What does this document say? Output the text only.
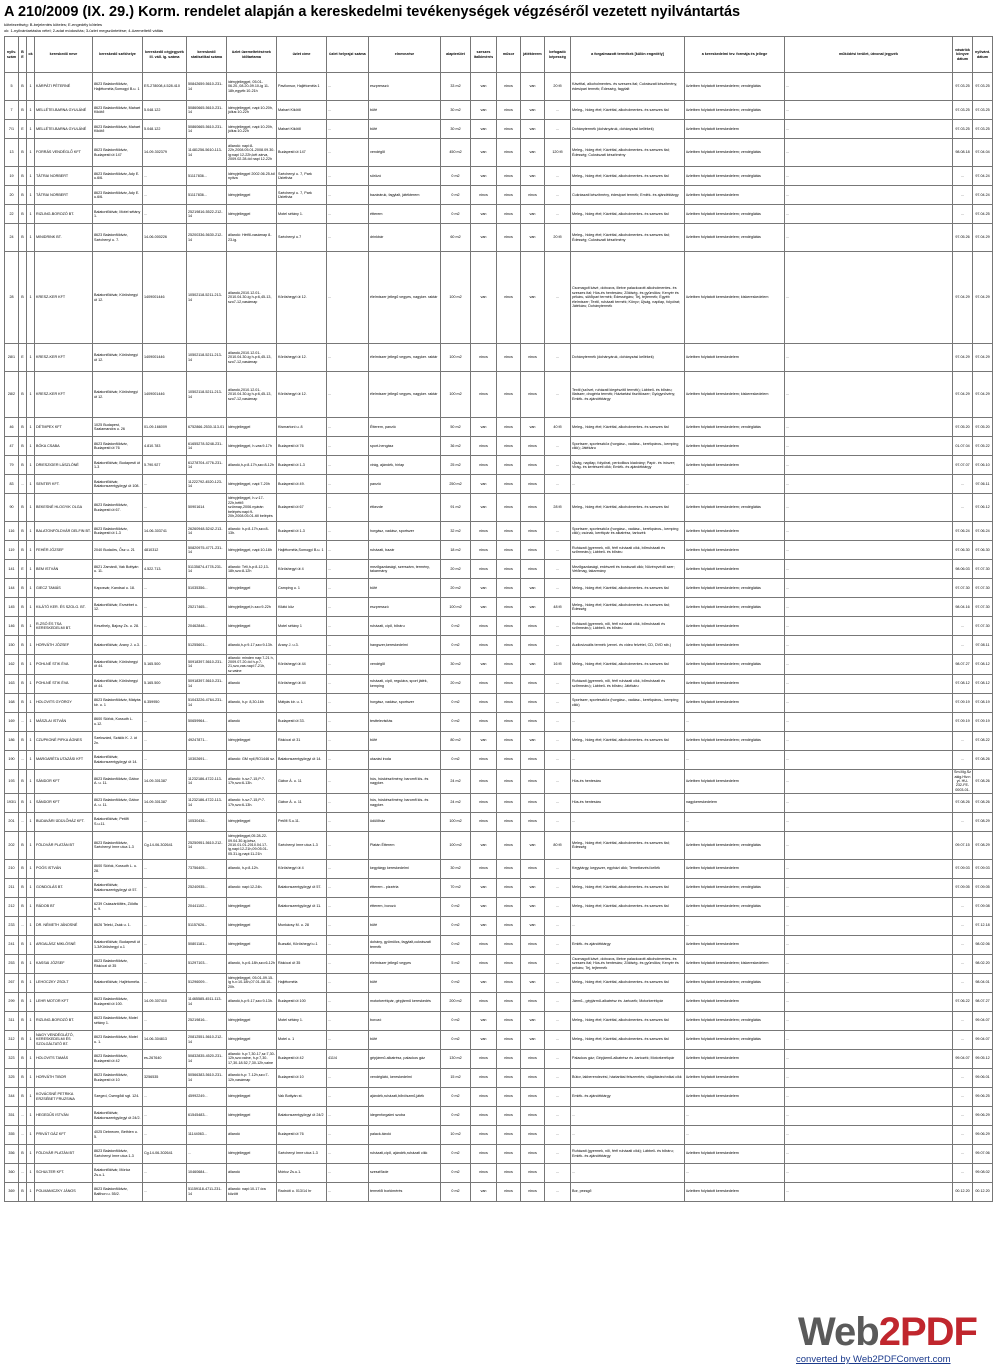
A 210/2009 (IX. 29.) Korm. rendelet alapján a kereskedelmi tevékenységek végzéséről vezetett nyilvántartás
kötelezettség: B-bejelentés köteles; E-engedély köteles
ok: 1-nyilvántartásba vétel; 2-adat módosítás; 3-üzlet megszüntetése; 4-üzemeltető váltás
nyilv. szám	B E	ok	kereskedő neve	kereskedő székhelye	kereskedő cégjegyzék ill. váll. ig. száma	kereskedő statisztikai száma	üzlet üzemeltetésének időtartama	üzlet címe	üzlet helyrajzi száma	elnevezése	alapterület	szeszes italkimérés	műsor	játékterem	befogadó képesség	a forgalmazott termékek [külön engedély]	a kereskedelmi tev. formája és jellege	működési terület, útvonal jegyzék	vásárlók könyve dátum	nyilvánt. dátum
5	B	1	KÁRPÁTI PÉTERNÉ	8623 Balatonföldvár, Hajlétoméla,Somogyi B.u. 1	ES-278008,4.528.410	50842659-5610-231-14	idényjelleggel, 05.01-06.20.,08.20-09.10-ig 11-18h,egyéb:10-21h	Pavilonsor, Hajlétoméla 1	...	eszpresszó	33 m2	van	nincs	van	20 fő	Kávéital, alkoholmentes- és szeszes ital; Cukrászati készítmény, édesipari termék; Édesség, fagylalt	üzletben folytatott kereskedelem; vendéglátás	...	97.03.25	97.03.25
7	B	1	MELLÉTEI-BARNA GYULÁNÉ	8623 Balatonföldvár, Mahart Kikötő	5.048.122	50860665-5610-231-14	idényjelleggel, napi:10-20h, július:10-22h	Mahart Kikötő	...	büfé	30 m2	van	nincs	van	...	Meleg-, hideg étel; Kávéital, alkoholmentes- és szeszes ital	üzletben folytatott kereskedelem; vendéglátás	...	97.03.25	97.03.25
7/1	E	1	MELLÉTEI-BARNA GYULÁNÉ	8623 Balatonföldvár, Mahart Kikötő	5.048.122	50860665-5610-231-14	idényjelleggel, napi:10-20h, július:10-22h	Mahart Kikötő	...	büfé	30 m2	van	nincs	van	...	Dohánytermék (dohányáruk, dohányzási kellékek)	üzletben folytatott kereskedelem	...	97.03.25	97.03.25
13	B	1	FORRÁS VENDÉGLŐ KFT	8623 Balatonföldvár, Budapesti út 147	14-09-302379	11481256-5610-113-14	állandó: napi:8-22h,2008.05.01-2008.09.30-ig:napi 12-22h,két zárva, 2009.02.28-tól napi 12-22h	Budapesti út 147	...	vendéglő	450 m2	van	nincs	van	120 fő	Meleg-, hideg étel; Kávéital, alkoholmentes- és szeszes ital; Édesség; Cukrászati készítmény	üzletben folytatott kereskedelem; vendéglátás	...	98.08.18	97.04.04
19	B	1	TÁTRAI NORBERT	8623 Balatonföldvár, Ady E. u.6/6.	...	51117836...	idényjelleggel 2002.06.25-tól nyitva	Széchenyi u. 7, Park Üzletház	...	sörözó	0 m2	van	nincs	van	...	Meleg-, hideg étel; Kávéital, alkoholmentes- és szeszes ital	üzletben folytatott kereskedelem; vendéglátás	...	...	97.04.24
20	B	1	TÁTRAI NORBERT	8623 Balatonföldvár, Ady E. u.6/6.	...	51117836...	idényjelleggel	Széchenyi u. 7, Park Üzletház	...	bazáráruk, fagylalt, játékterem	0 m2	nincs	nincs	nincs	...	Cukrászati készítmény, édesipari termék; Emlék- és ajándéktárgy	üzletben folytatott kereskedelem	...	...	97.04.24
22	B	1	RIZLING-BOROZÓ BT.	Balatonföldvár, Motel sétány 1.	...	25219816-5522-212-14	idényjelleggel	Motel sétány 1.	...	étterem	0 m2	van	nincs	van	...	Meleg-, hideg étel; Kávéital, alkoholmentes- és szeszes ital	üzletben folytatott kereskedelem; vendéglátás	...	...	97.04.25
24	B	1	MINIDRINK BT.	8623 Balatonföldvár, Széchenyi u. 7.	14-06-000226	25200336-5630-212-14	állandó: Hétfő-vasárnap 8-23-ig.	Széchenyi u.7	...	drinkbár	60 m2	van	nincs	van	20 fő	Meleg-, hideg étel; Kávéital, alkoholmentes- és szeszes ital; Édesség; Cukrászati készítmény	üzletben folytatott kereskedelem; vendéglátás	...	97.05.26	97.04.29
28	B	1	KRESZ-KER KFT	Balatonföldvár, Köröshegyi út 12.	1409001446	10502118-5211-213-14	állandó,2010.12.01-2010.04.30-ig h-p:6,45-13, szo7-12,vasárnap	Köröshegyi út 12.	...	élelmiszer jellegű vegyes, nagyker. raktár	100 m2	van	nincs	van	...	Csomagolt kávé, dobozos, illetve palackozott alkoholmentes- és szeszes ital; Hús-és hentesáru; Zöldség- és gyümölcs; Kenyér és pékáru, sütőipari termék; Édességáru; Tej, tejtermék; Egyéb élelmiszer; Textil, ruházati termék; Könyv; Újság, napilap, folyóirat; Játékáru; Dohánytermék	üzletben folytatott kereskedelem; kiskereskedelem	...	97.04.29	97.04.29
28/1	E	1	KRESZ-KER KFT	Balatonföldvár, Köröshegyi út 12.	1409001446	10502118-5211-213-14	állandó,2010.12.01-2010.04.30-ig h-p:6,45-13, szo7-12,vasárnap	Köröshegyi út 12.	...	élelmiszer jellegű vegyes, nagyker. raktár	100 m2	nincs	nincs	nincs	...	Dohánytermék (dohányáruk, dohányzási kellékek)	üzletben folytatott kereskedelem	...	97.04.29	97.04.29
28/2	B	1	KRESZ-KER KFT	Balatonföldvár, Köröshegyi út 12.	1409001446	10502118-5211-213-14	állandó,2010.12.01-2010.04.30-ig h-p:6,45-13, szo7-12,vasárnap	Köröshegyi út 12.	...	élelmiszer jellegű vegyes, nagyker. raktár	100 m2	nincs	nincs	nincs	...	Textil (szövet, ruházati kiegészítő termék); Lábbeli- és bőráru; Illatszer, drogéria termék; Háztartási tisztítószer; Gyógynövény; Emlék- és ajándéktárgy	üzletben folytatott kereskedelem; kiskereskedelem	...	97.04.29	97.04.29
46	B	1	DÉTMPEX KFT	1025 Budapest, Szalamandra u. 26	01-09-166009	6752866-2530-113-01	idényjelleggel	Kismartoni u. 8	...	Étterem, panzió	50 m2	van	nincs	van	40 fő	Meleg-, hideg étel; Kávéital, alkoholmentes- és szeszes ital	üzletben folytatott kereskedelem; vendéglátás	...	97.05.20	97.05.20
47	B	1	BÓKA CSABA	8623 Balatonföldvár, Budapesti út 76	4.810.783	61655278-5248-231-14	idényjelleggel, h-vas:9-17h	Budapesti út 76	...	sport-hengász	36 m2	nincs	nincs	nincs	...	Sportszer, sporteszköz (horgász-, vadász-, kerékpáros-, kemping cikk); Játékáru	üzletben folytatott kereskedelem	...	01.07.04	97.05.22
79	B	1	DRIESZIGER LÁSZLÓNÉ	Balatonföldvár, Budapesti út 1-3	5.790.927	61278704-4776-231-14	állandó,h-p:8-17h,szo:8-12h	Budapesti út 1-3	...	virág, ajándék, hírlap	25 m2	nincs	nincs	nincs	...	Újság, napilap, folyóirat, periodikus kiadvány; Papír- és írószer; Virág- és kertészeti cikk; Emlék- és ajándéktárgy	üzletben folytatott kereskedelem	...	97.07.07	97.06.10
83	...	1	SENTER KFT.	Balatonföldvár, Balatonszentgyörgyi út 108.	...	11222792-4520-123-14	idényjelleggel, napi:7-20h	Budapesti út 49.	...	panzió	250 m2	van	nincs	nincs	...	...	...	...	...	97.06.11
90	B	1	BEKESNÉ HLOGYIK OLGA	8623 Balatonföldvár, Budapesti út 67.	...	50901614	idényjelleggel, h-v:17-22h,hétfő szünnap,2006.nyárán belépés:napi:9-20h,2008.05.01-től belépés	Budapesti út 67	...	étkezde	91 m2	van	nincs	nincs	28 fő	Meleg-, hideg étel; Kávéital, alkoholmentes- és szeszes ital	üzletben folytatott kereskedelem; vendéglátás	...	...	97.06.12
116	B	1	BALATONFÖLDVÁR DELFIN BT.	8623 Balatonföldvár, Budapesti út 1-3	14-06-303741	26260948-5242-213-14	állandó: h-p:8-17h,szo:8-13h.	Budapesti út 1-3	...	horgász, vadász, sportszer	32 m2	nincs	nincs	nincs	...	Sportszer, sporteszköz (horgász-, vadász-, kerékpáros-, kemping cikk); csónak, kerékpár és alkatrész, tartozék	üzletben folytatott kereskedelem	...	97.06.24	97.06.24
119	B	1	FEHÉR JÓZSEF	2040 Budaörs, Ősz u. 21	4810312	50820975-4771-231-14	idényjelleggel, napi:10-18h	Hajlétoméla,Somogyi B.u. 1	...	ruházati, bazár	18 m2	nincs	nincs	nincs	...	Ruházati (gyermek, női, férfi ruházati cikk, bőrruházati és szőrmeáru); Lábbeli- és bőráru	üzletben folytatott kereskedelem	...	97.06.30	97.06.30
141	E	1	BEM ISTVÁN	8621 Zamárdi, Vak Bottyán u. 11.	4.522.713.	51135874-4778-231-14	állandó: Téli,h-p:8-12,13-18h,szo:8-12h	Köröshegyi út 4	...	mezőgazdasági, szerszám, termény, takarmány	20 m2	nincs	nincs	nincs	...	Mezőgazdasági, erdészeti és borászati cikk; Növényvédő szer; Vetőmag, takarmány	üzletben folytatott kereskedelem	...	98.06.03	97.07.30
144	B	1	GIECZ TAMÁS	Kaposvár, Kandsai u. 18.	...	51035356...	idényjelleggel	Camping u. 1	...	büfé	20 m2	van	nincs	van	...	Meleg-, hideg étel; Kávéital, alkoholmentes- és szeszes ital	üzletben folytatott kereskedelem; vendéglátás	...	97.07.30	97.07.30
145	B	1	KILÁTÓ KER. ÉS SZOLG. BT.	Balatonföldvár, Erzsébet u. 12.	...	25217465...	idényjelleggel,h-szo:9-22h	Kilátó köz	...	eszpresszó	100 m2	van	nincs	van	48 fő	Meleg-, hideg étel; Kávéital, alkoholmentes- és szeszes ital; Édesség	üzletben folytatott kereskedelem; vendéglátás	...	98.04.16	97.07.30
146	B	1	R-ZSÓ ÉS TSA KERESKEDELMI BT.	Keszthely, Bajcsy Zs. u. 28.	...	20462848...	idényjelleggel	Motel sétány 1	...	ruházati, cipő, bőráru	0 m2	nincs	nincs	nincs	...	Ruházati (gyermek, női, férfi ruházati cikk, bőrruházati és szőrmeáru); Lábbeli- és bőráru	üzletben folytatott kereskedelem	...	...	97.07.30
150	B	1	HORVÁTH JÓZSEF	Balatonföldvár, Arany J. u.3.	...	51255601...	állandó,h-p:9-17,szo:9-13h.	Arany J. u.3.	...	hangszer,kereskedelmi	0 m2	nincs	nincs	nincs	...	Audiovizuális termék (zenei- és video felvétel, CD, DVD stb.)	üzletben folytatott kereskedelem	...	...	97.08.11
162	B	1	POHLNÉ STIK ÉVA	Balatonföldvár, Köröshegyi út 44.	5.165.500	50918397-5610-231-14	állandó: minden nap:7-21 h, 2009.07.20-tól h-p:7-21,szo,vas.napi:7-21h, sz:vaine	Köröshegyi út 44	...	vendéglő	30 m2	van	nincs	van	16 fő	Meleg-, hideg étel; Kávéital, alkoholmentes- és szeszes ital	üzletben folytatott kereskedelem; vendéglátás	...	98.07.27	97.08.12
163	B	1	POHLNÉ STIK ÉVA	Balatonföldvár, Köröshegyi út 44.	5.165.500	50918397-5610-231-14	állandó	Köröshegyi út 44	...	ruházati, cipő, regulára, sport játék, kemping	20 m2	nincs	nincs	nincs	...	Ruházati (gyermek, női, férfi ruházati cikk, bőrruházati és szőrmeáru); Lábbeli- és bőráru; Játékáru	üzletben folytatott kereskedelem	...	97.08.12	97.08.12
168	B	1	HOLOVITS GYÖRGY	8623 Balatonföldvár, Mátyás kir. u. 1	6.359950	51043226-4764-231-14	állandó, h-p: 8,30-16h	Mátyás kir. u. 1	...	horgász, vadász, sportszer	0 m2	nincs	nincs	nincs	...	Sportszer, sporteszköz (horgász-, vadász-, kerékpáros-, kemping cikk)	üzletben folytatott kereskedelem	...	97.09.19	97.08.19
169	...	1	MÁSZLAI ISTVÁN	8600 Siófok, Kossuth L. u.12.	...	50659964...	állandó	Budapesti út 33.	...	testtelevisítás	0 m2	nincs	nincs	nincs	...	...	...	...	97.09.19	97.09.19
186	B	1	CZUPKONÉ PIFKA ÁGNES	Szekszárd, Szálók K. J. út 2n.	...	49247871...	idényjelleggel	Rákóczi út 31	...	büfé	80 m2	van	nincs	van	...	Meleg-, hideg étel; Kávéital, alkoholmentes- és szeszes ital	üzletben folytatott kereskedelem; vendéglátás	...	...	97.08.22
190	...	1	MARGARÉTA UTAZÁSI KFT	Balatonföldvár, Balatonszentgyörgyi út 14.	...	10302691...	állandó: GM nyil,RO1446 sz.	Balatonszentgyörgyi út 14.	...	utazási iroda	0 m2	nincs	nincs	nincs	...	...	...	...	...	97.08.26
193	B	1	SÁNDOR KFT	8623 Balatonföldvár, Gábor A. u. 11.	14-09-301387	11232186-4722-113-14	állandó: h-sz:7-15,P:7-17h,szo:6-13h.	Gábor Á. u. 11	...	hús, húskészítmény, baromfi kis- és nagyker.	24 m2	nincs	nincs	nincs	...	Hús-és hentesáru	üzletben folytatott kereskedelem	...	Sm.Mg.Szakig.Hiv.nyt. HU-232-FE-0003-01.	97.08.26
193/1	B	1	SÁNDOR KFT	8623 Balatonföldvár, Gábor A. u. 11.	14-09-301387	11232186-4722-113-14	állandó: h-sz:7-15,P:7-17h,szo:6-13h.	Gábor Á. u. 11	...	hús, húskészítmény, baromfi kis- és nagyker.	24 m2	nincs	nincs	nincs	...	Hús-és hentesáru	nagykereskedelem	...	97.08.26	97.08.26
201	...	1	BUDAVÁRI ÜDÜLŐHÁZ KFT.	Balatonföldvár, Petőfi S.u.11.	...	10530436...	idényjelleggel	Petőfi S.u.11.	...	üdülőház	100 m2	nincs	nincs	nincs	...	...	...	...	...	97.08.29
202	B	1	FÖLDVÁR PLATÁN BT	8623 Balatonföldvár, Széchenyi Imre utca 1-3	Cg.14-06-302641	25250951-5610-212-14	idényjelleggel,05.28-22-09.04.30-ig,kész, 2010.01.01-2010.04.17-ig,napi:12-21h,09.05.01-05.31-ig,napi:11-21h	Széchenyi Imre utca 1-3	...	Platán Étterem	100 m2	van	nincs	van	80 fő	Meleg-, hideg étel; Kávéital, alkoholmentes- és szeszes ital; Édesség	üzletben folytatott kereskedelem; vendéglátás	...	09.07.15	97.08.29
210	B	1	POÓS ISTVÁN	8600 Siófok, Kossuth L. u. 28.	...	73756405...	állandó, h-p:8-12h.	Köröshegyi út 4	...	kegytárgy kereskedelmi	30 m2	nincs	nincs	nincs	...	Kegytárgy, kegyszer, egyházi cikk; Temetkezési kellék	üzletben folytatott kereskedelem	...	97.09.03	97.09.03
211	B	1	GONDOLÁS BT.	Balatonföldvár, Balatonszentgyörgyi út 57.	...	25240935...	állandó: napi:12-24h.	Balatonszentgyörgyi út 57.	...	étterem - pizzéria	70 m2	van	nincs	van	...	Meleg-, hideg étel; Kávéital, alkoholmentes- és szeszes ital	üzletben folytatott kereskedelem; vendéglátás	...	97.09.05	97.09.05
212	B	1	RÁDOB BT	6239 Császártöltés, Zöldfa u. 9.	...	20441102...	idényjelleggel	Balatonszentgyörgyi út 11.	...	étterem, borozó	0 m2	van	nincs	van	...	Meleg-, hideg étel; Kávéital, alkoholmentes- és szeszes ital	üzletben folytatott kereskedelem; vendéglátás	...	...	97.09.08
233	...	1	DR. NÉMETH JÁNOSNÉ	8626 Teleki, Zsák u. 1.	...	51157626...	idényjelleggel	Munkácsy M. u. 28	...	büfé	0 m2	van	nincs	van	...	...	...	...	...	97.12.18
241	B	1	ARGALÁSZ MIKLÓSNÉ	Balatonföldvár, Budapesti út 1-3/Köröshegyi u.1	...	50801181...	idényjelleggel	Buzsáki, Köröshegyi u.1	...	dohány, gyümölcs, fagylalt,cukrászati termék	0 m2	nincs	nincs	nincs	...	Emlék- és ajándéktárgy	üzletben folytatott kereskedelem	...	...	98.02.06
253	B	1	KASSAI JÓZSEF	8623 Balatonföldvár, Rákóczi út 35	...	51297103...	állandó, h-p:6-18h,szo:6-12h	Rákóczi út 35	...	élelmiszer jellegű vegyes	5 m2	nincs	nincs	nincs	...	Csomagolt kávé, dobozos, illetve palackozott alkoholmentes- és szeszes ital; Hús-és hentesáru; Zöldség- és gyümölcs; Kenyér és pékáru; Tej, tejtermék	üzletben folytatott kereskedelem; kiskereskedelem	...	...	98.02.20
267	B	1	LEHOCZKY ZSOLT	Balatonföldvár, Hajlétoméla.	...	51296009...	idényjelleggel, 05.01-09.15-ig h-v:10-18h,07.01-08.10-20h.	Hajlétoméla	...	büfé	0 m2	van	nincs	van	...	Meleg-, hideg étel; Kávéital, alkoholmentes- és szeszes ital	üzletben folytatott kereskedelem; vendéglátás	...	...	98.04.01
299	B	1	LEHR MOTOR KFT	8623 Balatonföldvár, Budapesti út 100.	14-09-307410	11465585-4511-113-14	állandó,h-p:9-17,szo:9-13h.	Budapesti út 100	...	motorkerékpár, gépjármű kereskedés	200 m2	nincs	nincs	nincs	...	Jármű-, gépjármű-alkatrész és -tartozék; Motorkerékpár	üzletben folytatott kereskedelem	...	97.06.22	98.07.27
311	B	1	RIZLING-BOROZÓ BT.	8623 Balatonföldvár, Motel sétány 1.	...	25219816...	idényjelleggel	Motel sétány 1.	...	borozó	0 m2	van	nincs	van	...	Meleg-, hideg étel; Kávéital, alkoholmentes- és szeszes ital	üzletben folytatott kereskedelem; vendéglátás	...	...	99.04.07
312	B	1	NAGY VENDÉGLÁTÓ, KERESKEDELMI ÉS SZOLGÁLTATÓ BT.	8623 Balatonföldvár, Motel u. 1.	14-06-304813	20812551-5610-212-14	idényjelleggel	Motel u. 1	...	büfé	0 m2	van	nincs	van	...	Meleg-, hideg étel; Kávéital, alkoholmentes- és szeszes ital	üzletben folytatott kereskedelem; vendéglátás	...	...	99.04.07
323	B	1	HOLOVITS TAMÁS	8623 Balatonföldvár, Budapesti út 42	es-267640	50832835-4520-231-14	állandó: h-p:7,30-17,sz:7,30-12h,szo:vaine, h-p:7,30-17,30-18.52,7,30-12h,vaine	Budapesti út 42	411/4	gépjármű-alkatrész, palackos gáz	130 m2	nincs	nincs	nincs	...	Palackos gáz; Gépjármű-alkatrész és -tartozék; Motorkerékpár	üzletben folytatott kereskedelem	...	99.04.07	99.05.12
325	B	1	HORVÁTH TIBOR	8623 Balatonföldvár, Budapesti út 10	3256535	50566383-5610-231-14	állandó:h-p: 7-12h,szo:7-12h,vasárnap	Budapesti út 10	...	vendéglátó, kereskedelmi	15 m2	nincs	nincs	nincs	...	Bútor, lakberendezési, háztartási felszerelés; világítástechnikai cikk	üzletben folytatott kereskedelem	...	...	99.06.01
344	B	1	KOVÁCSNÉ PETRIKA ERZSÉBET FRUZSINA	Szeged, Csengődi sgt. 124.	...	45992249...	idényjelleggel	Vak Bottyán st.	...	ajándék,ruházati,bőrdíszmű,játék	0 m2	nincs	nincs	nincs	...	Emlék- és ajándéktárgy	üzletben folytatott kereskedelem	...	...	99.06.25
351	...	1	HEGEDŰS ISTVÁN	Balatonföldvár, Balatonszentgyörgyi út 24/2.	...	61545483...	idényjelleggel	Balatonszentgyörgyi út 24/2	...	idegenforgalmi szoba	0 m2	nincs	nincs	nincs	...	...	...	...	...	99.06.29
355	...	1	PRIVÁT GÁZ KFT	4025 Debrecen, Bethlen u. 5.	...	11144063...	állandó	Budapesti út 76	...	palack-tároló	10 m2	nincs	nincs	nincs	...	...	...	...	...	99.06.29
356	B	1	FÖLDVÁR PLATÁN BT	8623 Balatonföldvár, Széchenyi Imre utca 1-3	Cg.14-06-302641	...	idényjelleggel	Széchenyi Imre utca 1-3	...	ruházati,cipő, ajándék,ruházati cikk	0 m2	nincs	nincs	nincs	...	Ruházati (gyermek, női, férfi ruházati cikk); Lábbeli- és bőráru; Emlék- és ajándéktárgy	üzletben folytatott kereskedelem	...	...	99.07.06
360	...	1	SCHULTER KFT.	Balatonföldvár, Móricz Zs.u.1.	...	10460684...	állandó	Móricz Zs.u.1.	...	szeszfőzde	0 m2	nincs	nincs	nincs	...	...	...	...	...	99.08.02
369	B	1	POLMANICZKY JÁNOS	8623 Balatonföldvár, Balthon u. 55/2.	...	51159118-4711-231-14	állandó: napi:10-17 óra között	Radnóti u. 013/14 hr	...	termelői borkimérés	0 m2	van	nincs	nincs	...	Bor, pezsgő	üzletben folytatott kereskedelem	...	00.12.20	00.12.20
Web2PDF
converted by Web2PDFConvert.com
